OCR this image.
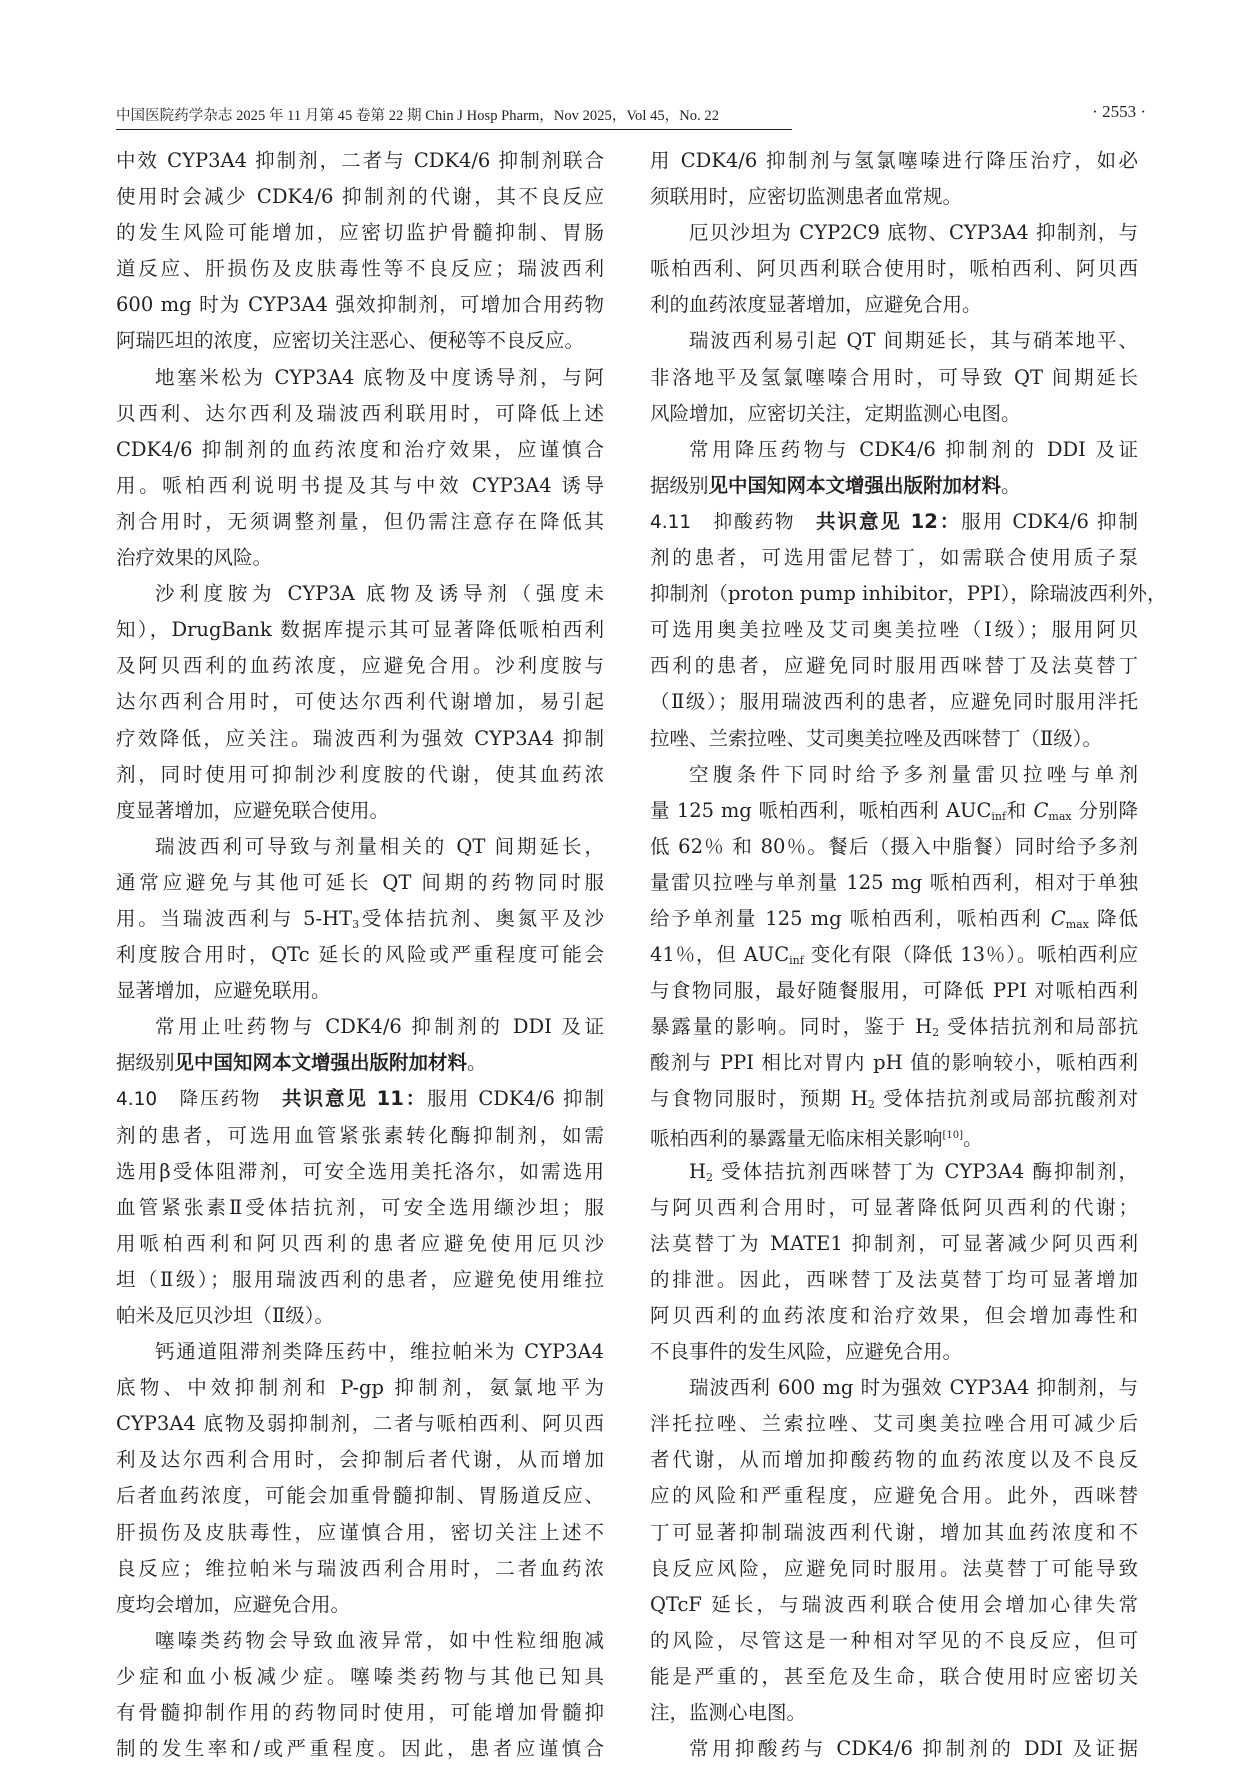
中国医院药学杂志 2025 年 11 月第 45 卷第 22 期 Chin J Hosp Pharm，Nov 2025，Vol 45，No. 22	· 2553 ·
中效 CYP3A4 抑制剂，二者与 CDK4/6 抑制剂联合
使用时会减少 CDK4/6 抑制剂的代谢，其不良反应
的发生风险可能增加，应密切监护骨髓抑制、胃肠
道反应、肝损伤及皮肤毒性等不良反应；瑞波西利
600 mg 时为 CYP3A4 强效抑制剂，可增加合用药物
阿瑞匹坦的浓度，应密切关注恶心、便秘等不良反应。
地塞米松为 CYP3A4 底物及中度诱导剂，与阿
贝西利、达尔西利及瑞波西利联用时，可降低上述
CDK4/6 抑制剂的血药浓度和治疗效果，应谨慎合
用。哌柏西利说明书提及其与中效 CYP3A4 诱导
剂合用时，无须调整剂量，但仍需注意存在降低其
治疗效果的风险。
沙利度胺为 CYP3A 底物及诱导剂（强度未
知），DrugBank 数据库提示其可显著降低哌柏西利
及阿贝西利的血药浓度，应避免合用。沙利度胺与
达尔西利合用时，可使达尔西利代谢增加，易引起
疗效降低，应关注。瑞波西利为强效 CYP3A4 抑制
剂，同时使用可抑制沙利度胺的代谢，使其血药浓
度显著增加，应避免联合使用。
瑞波西利可导致与剂量相关的 QT 间期延长，
通常应避免与其他可延长 QT 间期的药物同时服
用。当瑞波西利与 $5-HT_3$受体拮抗剂、奥氮平及沙
利度胺合用时，QTc 延长的风险或严重程度可能会
显著增加，应避免联用。
常用止吐药物与 CDK4/6 抑制剂的 DDI 及证
据级别见中国知网本文增强出版附加材料。
4.10　降压药物　共识意见 11：服用 CDK4/6 抑制
剂的患者，可选用血管紧张素转化酶抑制剂，如需
选用β受体阻滞剂，可安全选用美托洛尔，如需选用
血管紧张素Ⅱ受体拮抗剂，可安全选用缬沙坦；服
用哌柏西利和阿贝西利的患者应避免使用厄贝沙
坦（Ⅱ级）；服用瑞波西利的患者，应避免使用维拉
帕米及厄贝沙坦（Ⅱ级）。
钙通道阻滞剂类降压药中，维拉帕米为 CYP3A4
底物、中效抑制剂和 P-gp 抑制剂，氨氯地平为
CYP3A4 底物及弱抑制剂，二者与哌柏西利、阿贝西
利及达尔西利合用时，会抑制后者代谢，从而增加
后者血药浓度，可能会加重骨髓抑制、胃肠道反应、
肝损伤及皮肤毒性，应谨慎合用，密切关注上述不
良反应；维拉帕米与瑞波西利合用时，二者血药浓
度均会增加，应避免合用。
噻嗪类药物会导致血液异常，如中性粒细胞减
少症和血小板减少症。噻嗪类药物与其他已知具
有骨髓抑制作用的药物同时使用，可能增加骨髓抑
制的发生率和/或严重程度。因此，患者应谨慎合
用 CDK4/6 抑制剂与氢氯噻嗪进行降压治疗，如必
须联用时，应密切监测患者血常规。
厄贝沙坦为 CYP2C9 底物、CYP3A4 抑制剂，与
哌柏西利、阿贝西利联合使用时，哌柏西利、阿贝西
利的血药浓度显著增加，应避免合用。
瑞波西利易引起 QT 间期延长，其与硝苯地平、
非洛地平及氢氯噻嗪合用时，可导致 QT 间期延长
风险增加，应密切关注，定期监测心电图。
常用降压药物与 CDK4/6 抑制剂的 DDI 及证
据级别见中国知网本文增强出版附加材料。
4.11　抑酸药物　共识意见 12：服用 CDK4/6 抑制
剂的患者，可选用雷尼替丁，如需联合使用质子泵
抑制剂（proton pump inhibitor，PPI），除瑞波西利外，
可选用奥美拉唑及艾司奥美拉唑（Ⅰ级）；服用阿贝
西利的患者，应避免同时服用西咪替丁及法莫替丁
（Ⅱ级）；服用瑞波西利的患者，应避免同时服用泮托
拉唑、兰索拉唑、艾司奥美拉唑及西咪替丁（Ⅱ级）。
空腹条件下同时给予多剂量雷贝拉唑与单剂
量 125 mg 哌柏西利，哌柏西利 $AUC_{inf}$和 $C_{max}$ 分别降
低 62％ 和 80％。餐后（摄入中脂餐）同时给予多剂
量雷贝拉唑与单剂量 125 mg 哌柏西利，相对于单独
给予单剂量 125 mg 哌柏西利，哌柏西利 $C_{max}$ 降低
41％，但 $AUC_{inf}$ 变化有限（降低 13％）。哌柏西利应
与食物同服，最好随餐服用，可降低 PPI 对哌柏西利
暴露量的影响。同时，鉴于 $H_2$ 受体拮抗剂和局部抗
酸剂与 PPI 相比对胃内 pH 值的影响较小，哌柏西利
与食物同服时，预期 $H_2$ 受体拮抗剂或局部抗酸剂对
哌柏西利的暴露量无临床相关影响[10]。
$H_2$ 受体拮抗剂西咪替丁为 CYP3A4 酶抑制剂，
与阿贝西利合用时，可显著降低阿贝西利的代谢；
法莫替丁为 MATE1 抑制剂，可显著减少阿贝西利
的排泄。因此，西咪替丁及法莫替丁均可显著增加
阿贝西利的血药浓度和治疗效果，但会增加毒性和
不良事件的发生风险，应避免合用。
瑞波西利 600 mg 时为强效 CYP3A4 抑制剂，与
泮托拉唑、兰索拉唑、艾司奥美拉唑合用可减少后
者代谢，从而增加抑酸药物的血药浓度以及不良反
应的风险和严重程度，应避免合用。此外，西咪替
丁可显著抑制瑞波西利代谢，增加其血药浓度和不
良反应风险，应避免同时服用。法莫替丁可能导致
QTcF 延长，与瑞波西利联合使用会增加心律失常
的风险，尽管这是一种相对罕见的不良反应，但可
能是严重的，甚至危及生命，联合使用时应密切关
注，监测心电图。
常用抑酸药与 CDK4/6 抑制剂的 DDI 及证据
